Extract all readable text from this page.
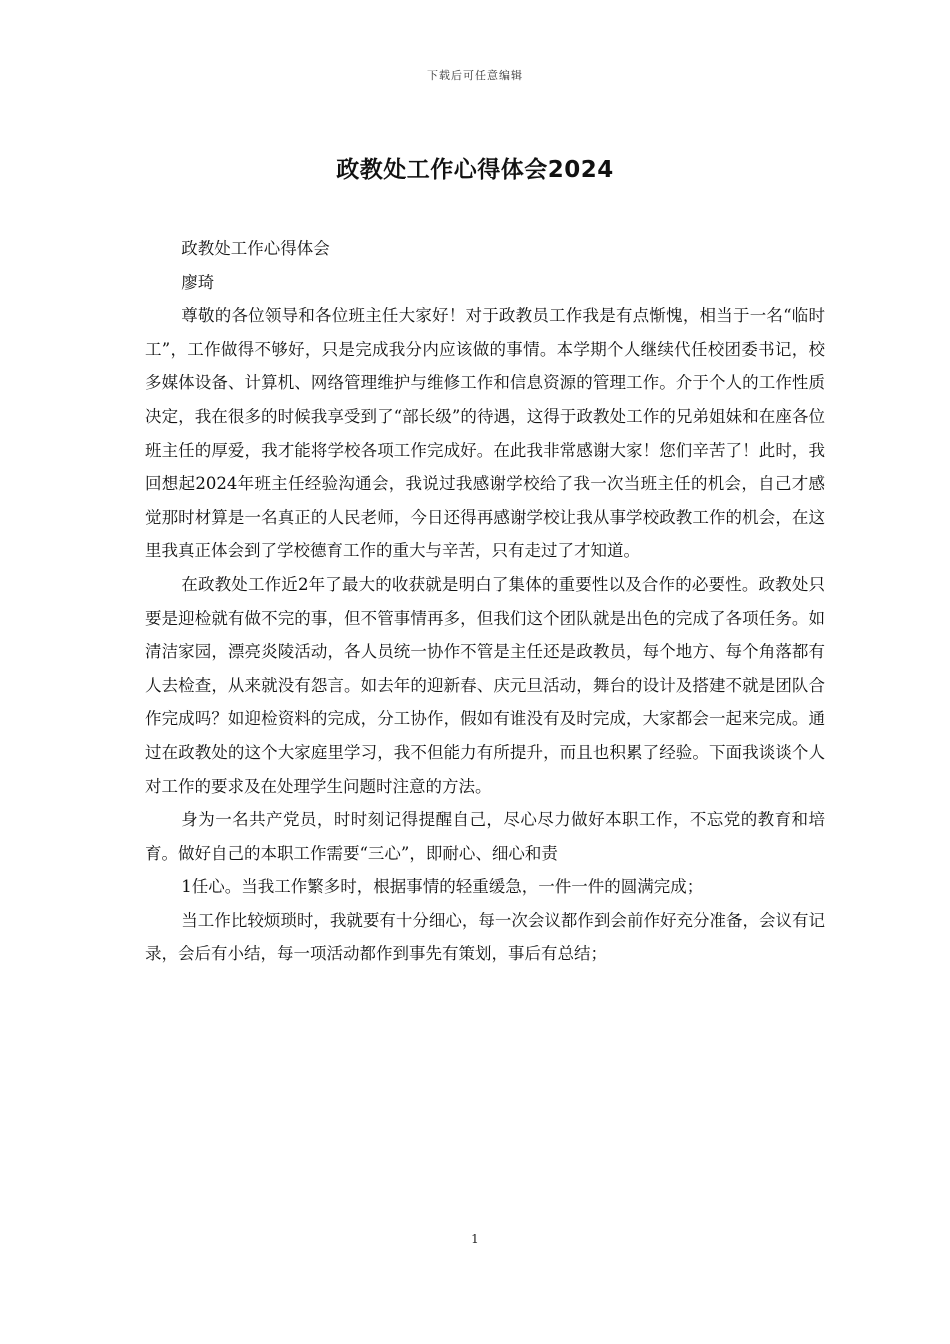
下载后可任意编辑
政教处工作心得体会2024

政教处工作心得体会

廖琦

尊敬的各位领导和各位班主任大家好！对于政教员工作我是有点惭愧，相当于一名“临时工”，工作做得不够好，只是完成我分内应该做的事情。本学期个人继续代任校团委书记，校多媒体设备、计算机、网络管理维护与维修工作和信息资源的管理工作。介于个人的工作性质决定，我在很多的时候我享受到了“部长级”的待遇，这得于政教处工作的兄弟姐妹和在座各位班主任的厚爱，我才能将学校各项工作完成好。在此我非常感谢大家！您们辛苦了！此时，我回想起2024年班主任经验沟通会，我说过我感谢学校给了我一次当班主任的机会，自己才感觉那时材算是一名真正的人民老师，今日还得再感谢学校让我从事学校政教工作的机会，在这里我真正体会到了学校德育工作的重大与辛苦，只有走过了才知道。

在政教处工作近2年了最大的收获就是明白了集体的重要性以及合作的必要性。政教处只要是迎检就有做不完的事，但不管事情再多，但我们这个团队就是出色的完成了各项任务。如清洁家园，漂亮炎陵活动，各人员统一协作不管是主任还是政教员，每个地方、每个角落都有人去检查，从来就没有怨言。如去年的迎新春、庆元旦活动，舞台的设计及搭建不就是团队合作完成吗？如迎检资料的完成，分工协作，假如有谁没有及时完成，大家都会一起来完成。通过在政教处的这个大家庭里学习，我不但能力有所提升，而且也积累了经验。下面我谈谈个人对工作的要求及在处理学生问题时注意的方法。

身为一名共产党员，时时刻记得提醒自己，尽心尽力做好本职工作，不忘党的教育和培育。做好自己的本职工作需要“三心”，即耐心、细心和责

1任心。当我工作繁多时，根据事情的轻重缓急，一件一件的圆满完成；

当工作比较烦琐时，我就要有十分细心，每一次会议都作到会前作好充分准备，会议有记录，会后有小结，每一项活动都作到事先有策划，事后有总结；

1
